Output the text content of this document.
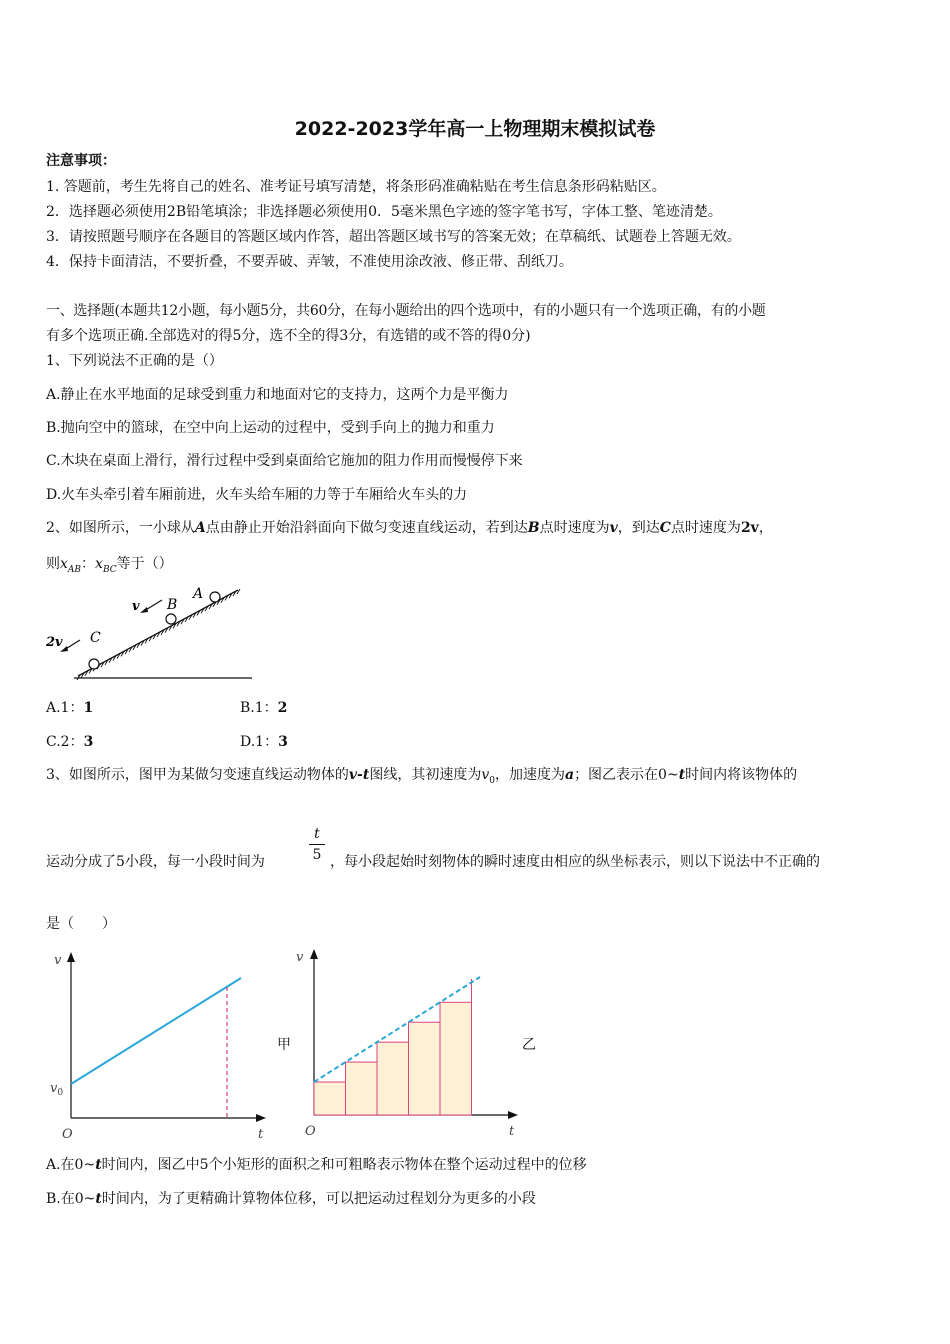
2022-2023学年高一上物理期末模拟试卷
注意事项：
1. 答题前，考生先将自己的姓名、准考证号填写清楚，将条形码准确粘贴在考生信息条形码粘贴区。
2．选择题必须使用2B铅笔填涂；非选择题必须使用0．5毫米黑色字迹的签字笔书写，字体工整、笔迹清楚。
3．请按照题号顺序在各题目的答题区域内作答，超出答题区域书写的答案无效；在草稿纸、试题卷上答题无效。
4．保持卡面清洁，不要折叠，不要弄破、弄皱，不准使用涂改液、修正带、刮纸刀。
一、选择题(本题共12小题，每小题5分，共60分，在每小题给出的四个选项中，有的小题只有一个选项正确，有的小题
有多个选项正确.全部选对的得5分，选不全的得3分，有选错的或不答的得0分)
1、下列说法不正确的是（）
A.静止在水平地面的足球受到重力和地面对它的支持力，这两个力是平衡力
B.抛向空中的篮球，在空中向上运动的过程中，受到手向上的抛力和重力
C.木块在桌面上滑行，滑行过程中受到桌面给它施加的阻力作用而慢慢停下来
D.火车头牵引着车厢前进，火车头给车厢的力等于车厢给火车头的力
2、如图所示，一小球从A点由静止开始沿斜面向下做匀变速直线运动，若到达B点时速度为v，到达C点时速度为2v，
则$x_{AB}$：$x_{BC}$等于（）
A
B
C
v
2v
A.1：1	B.1：2
C.2：3	D.1：3
3、如图所示，图甲为某做匀变速直线运动物体的v-t图线，其初速度为$v_0$，加速度为a；图乙表示在0~t时间内将该物体的
t
5
运动分成了5小段，每一小段时间为	，每小段起始时刻物体的瞬时速度由相应的纵坐标表示，则以下说法中不正确的
是（　　）
v
$v_0$
O	t
甲
v
O	t
乙
A.在0~t时间内，图乙中5个小矩形的面积之和可粗略表示物体在整个运动过程中的位移
B.在0~t时间内，为了更精确计算物体位移，可以把运动过程划分为更多的小段
